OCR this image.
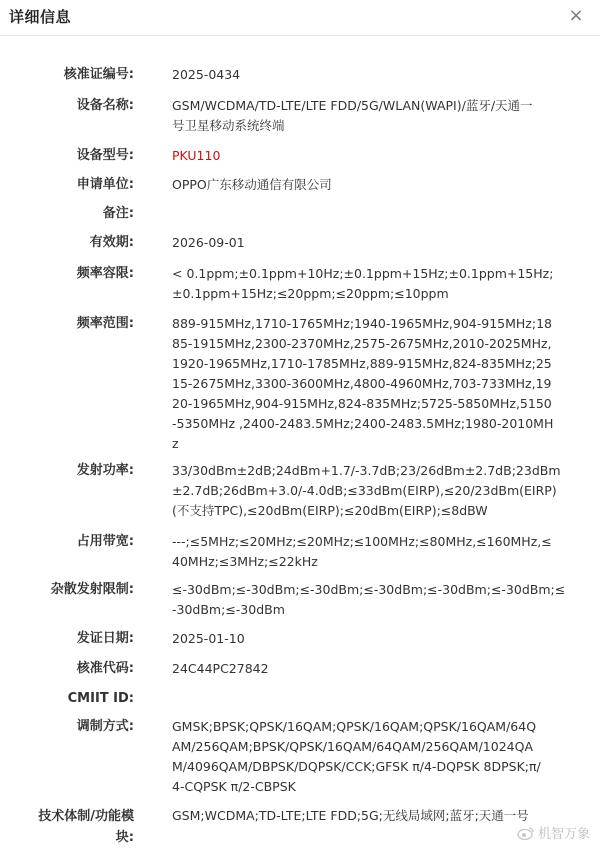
详细信息	×
核准证编号:	2025-0434
设备名称:	GSM/WCDMA/TD-LTE/LTE FDD/5G/WLAN(WAPI)/蓝牙/天通一
号卫星移动系统终端
设备型号:	PKU110
申请单位:	OPPO广东移动通信有限公司
备注:
有效期:	2026-09-01
频率容限:	< 0.1ppm;±0.1ppm+10Hz;±0.1ppm+15Hz;±0.1ppm+15Hz;
±0.1ppm+15Hz;≤20ppm;≤20ppm;≤10ppm
频率范围:	889-915MHz,1710-1765MHz;1940-1965MHz,904-915MHz;18
85-1915MHz,2300-2370MHz,2575-2675MHz,2010-2025MHz,
1920-1965MHz,1710-1785MHz,889-915MHz,824-835MHz;25
15-2675MHz,3300-3600MHz,4800-4960MHz,703-733MHz,19
20-1965MHz,904-915MHz,824-835MHz;5725-5850MHz,5150
-5350MHz ,2400-2483.5MHz;2400-2483.5MHz;1980-2010MH
z
发射功率:	33/30dBm±2dB;24dBm+1.7/-3.7dB;23/26dBm±2.7dB;23dBm
±2.7dB;26dBm+3.0/-4.0dB;≤33dBm(EIRP),≤20/23dBm(EIRP)
(不支持TPC),≤20dBm(EIRP);≤20dBm(EIRP);≤8dBW
占用带宽:	---;≤5MHz;≤20MHz;≤20MHz;≤100MHz;≤80MHz,≤160MHz,≤
40MHz;≤3MHz;≤22kHz
杂散发射限制:	≤-30dBm;≤-30dBm;≤-30dBm;≤-30dBm;≤-30dBm;≤-30dBm;≤
-30dBm;≤-30dBm
发证日期:	2025-01-10
核准代码:	24C44PC27842
CMIIT ID:
调制方式:	GMSK;BPSK;QPSK/16QAM;QPSK/16QAM;QPSK/16QAM/64Q
AM/256QAM;BPSK/QPSK/16QAM/64QAM/256QAM/1024QA
M/4096QAM/DBPSK/DQPSK/CCK;GFSK π/4-DQPSK 8DPSK;π/
4-CQPSK π/2-CBPSK
技术体制/功能模
块:
GSM;WCDMA;TD-LTE;LTE FDD;5G;无线局域网;蓝牙;天通一号
机智万象
